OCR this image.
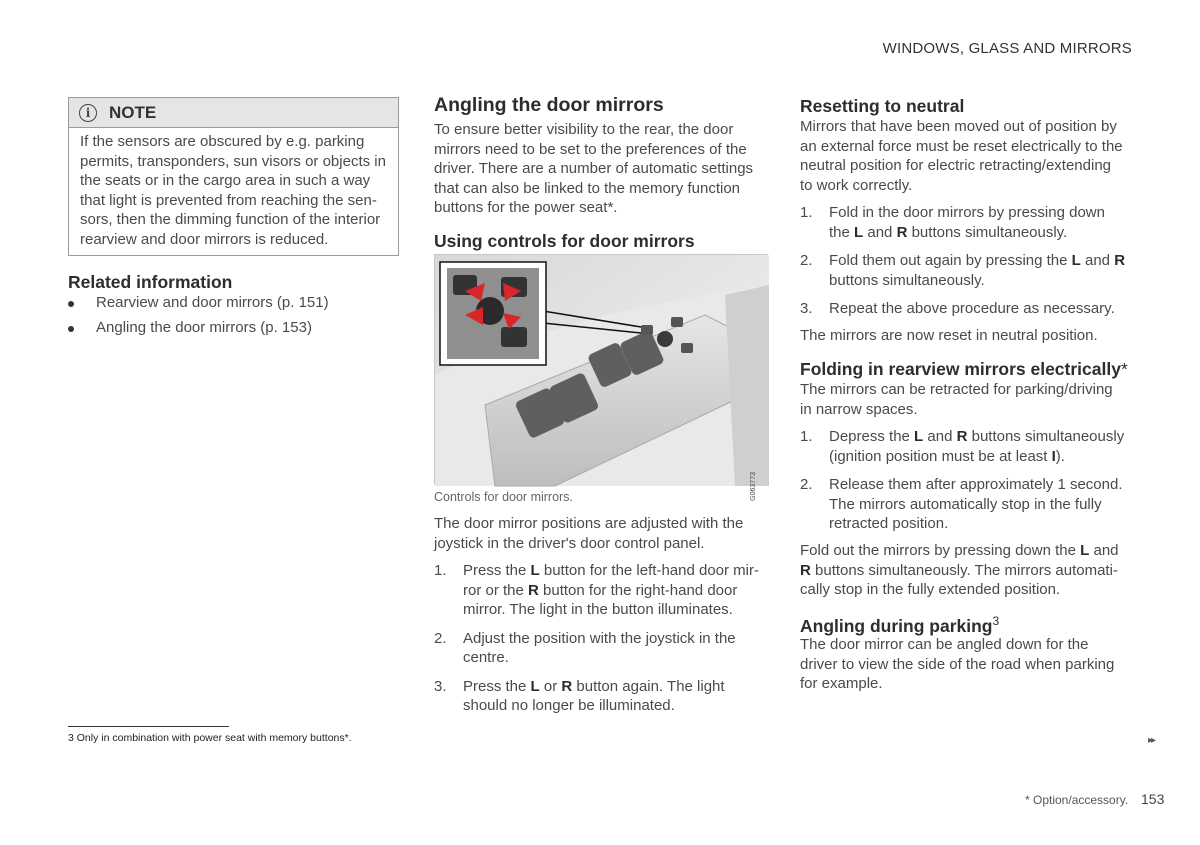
WINDOWS, GLASS AND MIRRORS
i	NOTE
If the sensors are obscured by e.g. parking
permits, transponders, sun visors or objects in
the seats or in the cargo area in such a way
that light is prevented from reaching the sen-
sors, then the dimming function of the interior
rearview and door mirrors is reduced.
Related information
Rearview and door mirrors (p. 151)
Angling the door mirrors (p. 153)
Angling the door mirrors
To ensure better visibility to the rear, the door
mirrors need to be set to the preferences of the
driver. There are a number of automatic settings
that can also be linked to the memory function
buttons for the power seat*.
Using controls for door mirrors
G063773
Controls for door mirrors.
The door mirror positions are adjusted with the
joystick in the driver's door control panel.
1. Press the L button for the left-hand door mir-
ror or the R button for the right-hand door
mirror. The light in the button illuminates.
2. Adjust the position with the joystick in the
centre.
3. Press the L or R button again. The light
should no longer be illuminated.
Resetting to neutral
Mirrors that have been moved out of position by
an external force must be reset electrically to the
neutral position for electric retracting/extending
to work correctly.
1. Fold in the door mirrors by pressing down
the L and R buttons simultaneously.
2. Fold them out again by pressing the L and R
buttons simultaneously.
3. Repeat the above procedure as necessary.
The mirrors are now reset in neutral position.
Folding in rearview mirrors electrically*
The mirrors can be retracted for parking/driving
in narrow spaces.
1. Depress the L and R buttons simultaneously
(ignition position must be at least I).
2. Release them after approximately 1 second.
The mirrors automatically stop in the fully
retracted position.
Fold out the mirrors by pressing down the L and
R buttons simultaneously. The mirrors automati-
cally stop in the fully extended position.
Angling during parking$^3$
The door mirror can be angled down for the
driver to view the side of the road when parking
for example.
3 Only in combination with power seat with memory buttons*.	▸▸
* Option/accessory. 153
